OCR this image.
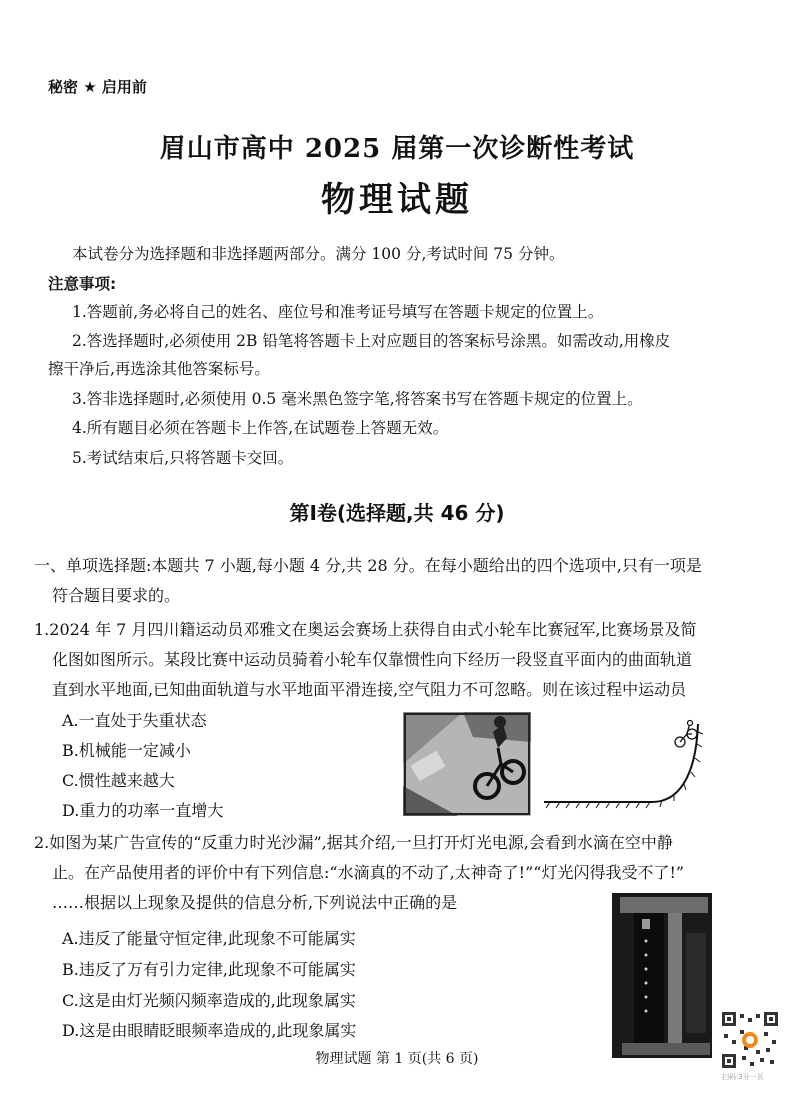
秘密 ★ 启用前
眉山市高中 2025 届第一次诊断性考试
物理试题
本试卷分为选择题和非选择题两部分。满分 100 分,考试时间 75 分钟。
注意事项:
1.答题前,务必将自己的姓名、座位号和准考证号填写在答题卡规定的位置上。
2.答选择题时,必须使用 2B 铅笔将答题卡上对应题目的答案标号涂黑。如需改动,用橡皮
擦干净后,再选涂其他答案标号。
3.答非选择题时,必须使用 0.5 毫米黑色签字笔,将答案书写在答题卡规定的位置上。
4.所有题目必须在答题卡上作答,在试题卷上答题无效。
5.考试结束后,只将答题卡交回。
第Ⅰ卷(选择题,共 46 分)
一、单项选择题:本题共 7 小题,每小题 4 分,共 28 分。在每小题给出的四个选项中,只有一项是
符合题目要求的。
1.2024 年 7 月四川籍运动员邓雅文在奥运会赛场上获得自由式小轮车比赛冠军,比赛场景及简
化图如图所示。某段比赛中运动员骑着小轮车仅靠惯性向下经历一段竖直平面内的曲面轨道
直到水平地面,已知曲面轨道与水平地面平滑连接,空气阻力不可忽略。则在该过程中运动员
A.一直处于失重状态
B.机械能一定减小
C.惯性越来越大
D.重力的功率一直增大
2.如图为某广告宣传的“反重力时光沙漏”,据其介绍,一旦打开灯光电源,会看到水滴在空中静
止。在产品使用者的评价中有下列信息:“水滴真的不动了,太神奇了!”“灯光闪得我受不了!”
……根据以上现象及提供的信息分析,下列说法中正确的是
A.违反了能量守恒定律,此现象不可能属实
B.违反了万有引力定律,此现象不可能属实
C.这是由灯光频闪频率造成的,此现象属实
D.这是由眼睛眨眼频率造成的,此现象属实
扫码·3分一页
物理试题 第 1 页(共 6 页)
